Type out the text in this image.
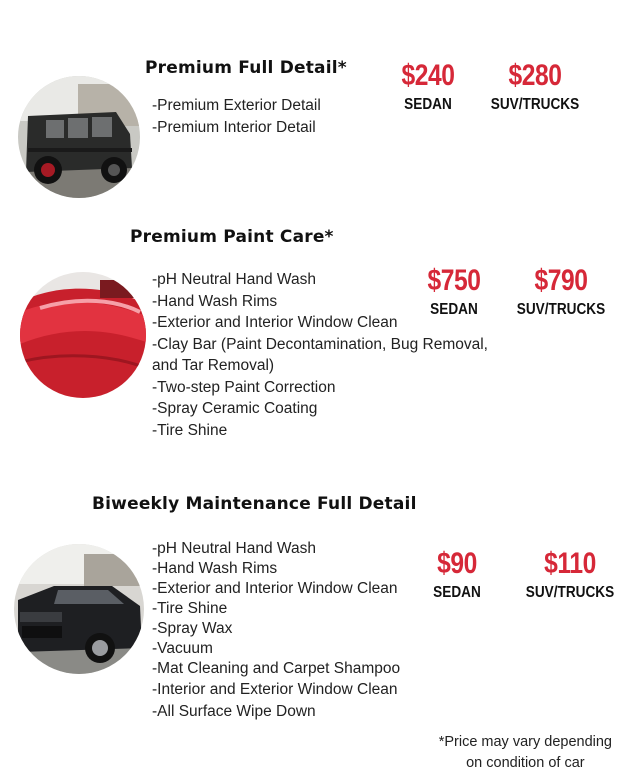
Premium Full Detail*
-Premium Exterior Detail
-Premium Interior Detail
$240
SEDAN
$280
SUV/TRUCKS
Premium Paint Care*
-pH Neutral Hand Wash
-Hand Wash Rims
-Exterior and Interior Window Clean
-Clay Bar (Paint Decontamination, Bug Removal,
and Tar Removal)
-Two-step Paint Correction
-Spray Ceramic Coating
-Tire Shine
$750
SEDAN
$790
SUV/TRUCKS
Biweekly Maintenance Full Detail
-pH Neutral Hand Wash
-Hand Wash Rims
-Exterior and Interior Window Clean
-Tire Shine
-Spray Wax
-Vacuum
-Mat Cleaning and Carpet Shampoo
-Interior and Exterior Window Clean
-All Surface Wipe Down
$90
SEDAN
$110
SUV/TRUCKS
*Price may vary depending
on condition of car
